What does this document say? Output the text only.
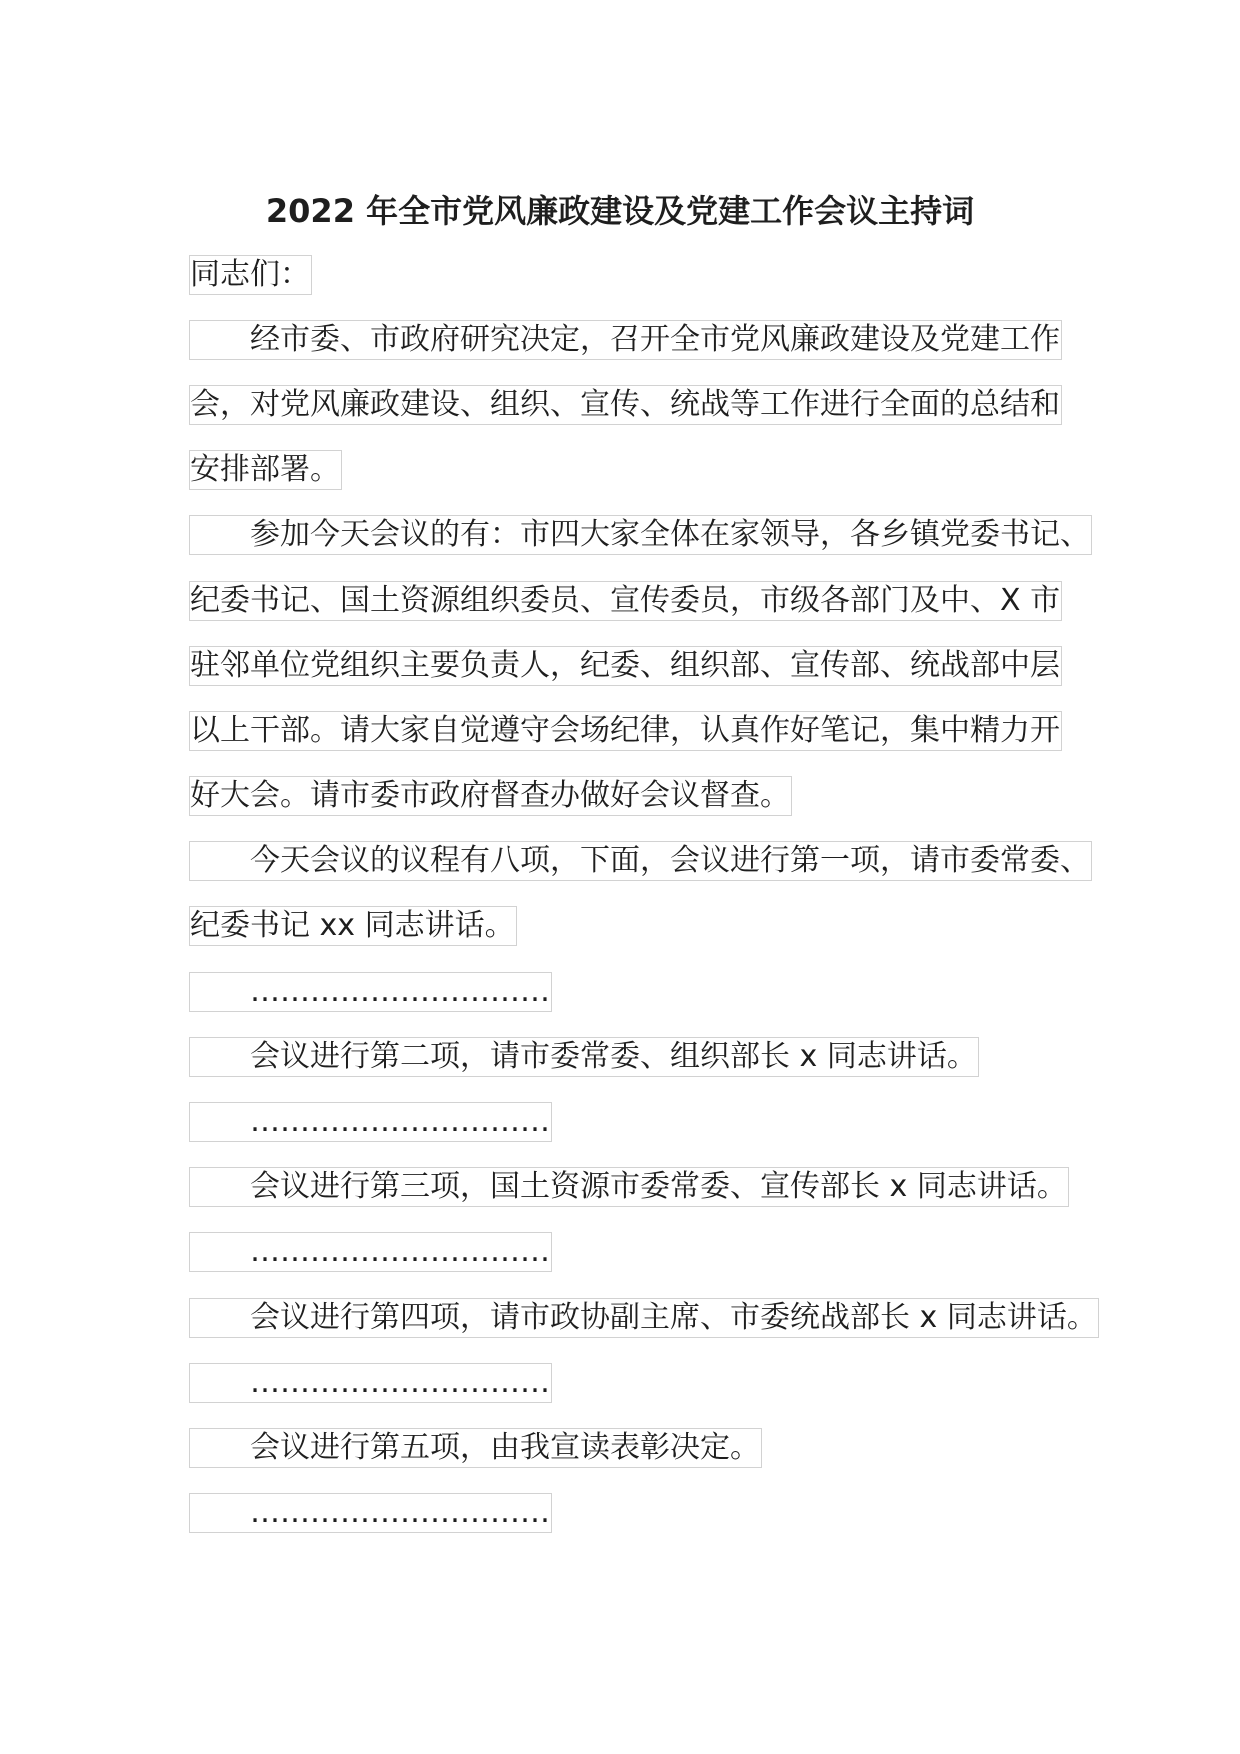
2022 年全市党风廉政建设及党建工作会议主持词
同志们：
经市委、市政府研究决定，召开全市党风廉政建设及党建工作
会，对党风廉政建设、组织、宣传、统战等工作进行全面的总结和
安排部署。
参加今天会议的有：市四大家全体在家领导，各乡镇党委书记、
纪委书记、国土资源组织委员、宣传委员，市级各部门及中、X 市
驻邻单位党组织主要负责人，纪委、组织部、宣传部、统战部中层
以上干部。请大家自觉遵守会场纪律，认真作好笔记，集中精力开
好大会。请市委市政府督查办做好会议督查。
今天会议的议程有八项，下面，会议进行第一项，请市委常委、
纪委书记 xx 同志讲话。
…………………………
会议进行第二项，请市委常委、组织部长 x 同志讲话。
…………………………
会议进行第三项，国土资源市委常委、宣传部长 x 同志讲话。
…………………………
会议进行第四项，请市政协副主席、市委统战部长 x 同志讲话。
…………………………
会议进行第五项，由我宣读表彰决定。
…………………………
